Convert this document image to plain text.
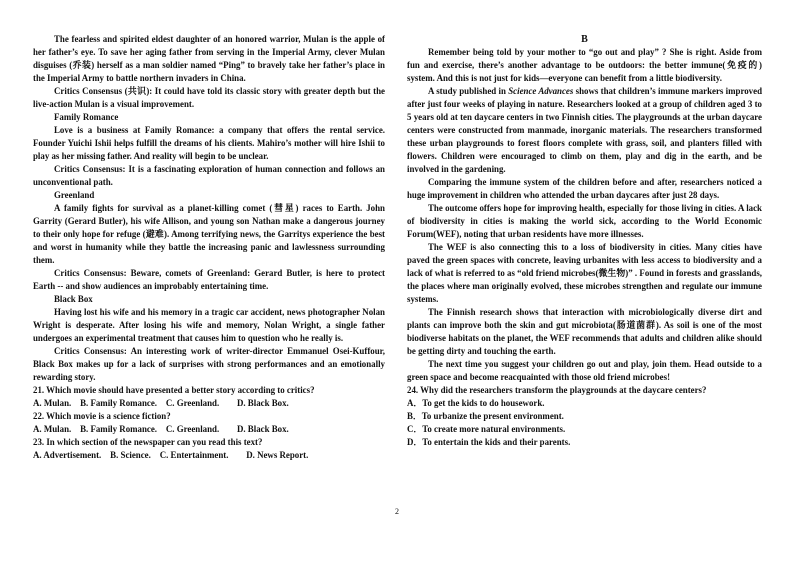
The fearless and spirited eldest daughter of an honored warrior, Mulan is the apple of her father’s eye. To save her aging father from serving in the Imperial Army, clever Mulan disguises (乔装) herself as a man soldier named “Ping” to bravely take her father’s place in the Imperial Army to battle northern invaders in China.
Critics Consensus (共识): It could have told its classic story with greater depth but the live-action Mulan is a visual improvement.
Family Romance
Love is a business at Family Romance: a company that offers the rental service. Founder Yuichi Ishii helps fulfill the dreams of his clients. Mahiro’s mother will hire Ishii to play as her missing father. And reality will begin to be unclear.
Critics Consensus: It is a fascinating exploration of human connection and follows an unconventional path.
Greenland
A family fights for survival as a planet-killing comet (彗星) races to Earth. John Garrity (Gerard Butler), his wife Allison, and young son Nathan make a dangerous journey to their only hope for refuge (避难). Among terrifying news, the Garritys experience the best and worst in humanity while they battle the increasing panic and lawlessness surrounding them.
Critics Consensus: Beware, comets of Greenland: Gerard Butler, is here to protect Earth -- and show audiences an improbably entertaining time.
Black Box
Having lost his wife and his memory in a tragic car accident, news photographer Nolan Wright is desperate. After losing his wife and memory, Nolan Wright, a single father undergoes an experimental treatment that causes him to question who he really is.
Critics Consensus: An interesting work of writer-director Emmanuel Osei-Kuffour, Black Box makes up for a lack of surprises with strong performances and an emotionally rewarding story.
21. Which movie should have presented a better story according to critics?
A. Mulan.    B. Family Romance.    C. Greenland.        D. Black Box.
22. Which movie is a science fiction?
A. Mulan.    B. Family Romance.    C. Greenland.        D. Black Box.
23. In which section of the newspaper can you read this text?
A. Advertisement.    B. Science.    C. Entertainment.        D. News Report.
B
Remember being told by your mother to “go out and play” ? She is right. Aside from fun and exercise, there’s another advantage to be outdoors: the better immune(免疫的) system. And this is not just for kids—everyone can benefit from a little biodiversity.
A study published in Science Advances shows that children’s immune markers improved after just four weeks of playing in nature. Researchers looked at a group of children aged 3 to 5 years old at ten daycare centers in two Finnish cities. The playgrounds at the urban daycare centers were constructed from manmade, inorganic materials. The researchers transformed these urban playgrounds to forest floors complete with grass, soil, and planters filled with flowers. Children were encouraged to climb on them, play and dig in the earth, and be involved in the gardening.
Comparing the immune system of the children before and after, researchers noticed a huge improvement in children who attended the urban daycares after just 28 days.
The outcome offers hope for improving health, especially for those living in cities. A lack of biodiversity in cities is making the world sick, according to the World Economic Forum(WEF), noting that urban residents have more illnesses.
The WEF is also connecting this to a loss of biodiversity in cities. Many cities have paved the green spaces with concrete, leaving urbanites with less access to biodiversity and a lack of what is referred to as “old friend microbes(微生物)” . Found in forests and grasslands, the places where man originally evolved, these microbes strengthen and regulate our immune systems.
The Finnish research shows that interaction with microbiologically diverse dirt and plants can improve both the skin and gut microbiota(肠道菌群). As soil is one of the most biodiverse habitats on the planet, the WEF recommends that adults and children alike should be getting dirty and touching the earth.
The next time you suggest your children go out and play, join them. Head outside to a green space and become reacquainted with those old friend microbes!
24. Why did the researchers transform the playgrounds at the daycare centers?
A．To get the kids to do housework.
B．To urbanize the present environment.
C．To create more natural environments.
D．To entertain the kids and their parents.
2
